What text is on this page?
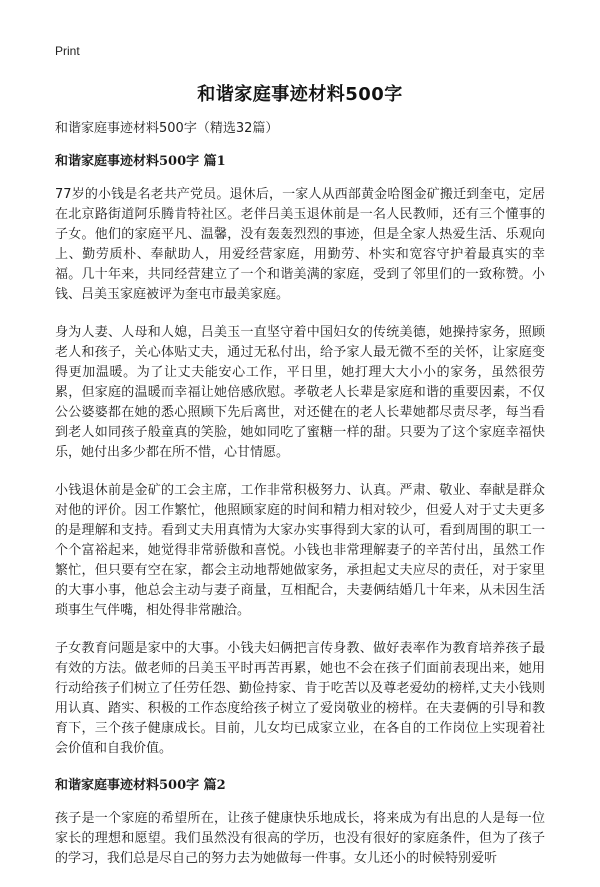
Print
和谐家庭事迹材料500字

和谐家庭事迹材料500字（精选32篇）

和谐家庭事迹材料500字 篇1

77岁的小钱是名老共产党员。退休后，一家人从西部黄金哈图金矿搬迁到奎屯，定居在北京路街道阿乐腾肯特社区。老伴吕美玉退休前是一名人民教师，还有三个懂事的子女。他们的家庭平凡、温馨，没有轰轰烈烈的事迹，但是全家人热爱生活、乐观向上、勤劳质朴、奉献助人，用爱经营家庭，用勤劳、朴实和宽容守护着最真实的幸福。几十年来，共同经营建立了一个和谐美满的家庭，受到了邻里们的一致称赞。小钱、吕美玉家庭被评为奎屯市最美家庭。

身为人妻、人母和人媳，吕美玉一直坚守着中国妇女的传统美德，她操持家务，照顾老人和孩子，关心体贴丈夫，通过无私付出，给予家人最无微不至的关怀，让家庭变得更加温暖。为了让丈夫能安心工作，平日里，她打理大大小小的家务，虽然很劳累，但家庭的温暖而幸福让她倍感欣慰。孝敬老人长辈是家庭和谐的重要因素，不仅公公婆婆都在她的悉心照顾下先后离世，对还健在的老人长辈她都尽责尽孝，每当看到老人如同孩子般童真的笑脸，她如同吃了蜜糖一样的甜。只要为了这个家庭幸福快乐，她付出多少都在所不惜，心甘情愿。

小钱退休前是金矿的工会主席，工作非常积极努力、认真。严肃、敬业、奉献是群众对他的评价。因工作繁忙，他照顾家庭的时间和精力相对较少，但爱人对于丈夫更多的是理解和支持。看到丈夫用真情为大家办实事得到大家的认可，看到周围的职工一个个富裕起来，她觉得非常骄傲和喜悦。小钱也非常理解妻子的辛苦付出，虽然工作繁忙，但只要有空在家，都会主动地帮她做家务，承担起丈夫应尽的责任，对于家里的大事小事，他总会主动与妻子商量，互相配合，夫妻俩结婚几十年来，从未因生活琐事生气伴嘴，相处得非常融洽。

子女教育问题是家中的大事。小钱夫妇俩把言传身教、做好表率作为教育培养孩子最有效的方法。做老师的吕美玉平时再苦再累，她也不会在孩子们面前表现出来，她用行动给孩子们树立了任劳任怨、勤俭持家、肯于吃苦以及尊老爱幼的榜样,丈夫小钱则用认真、踏实、积极的工作态度给孩子树立了爱岗敬业的榜样。在夫妻俩的引导和教育下，三个孩子健康成长。目前，儿女均已成家立业，在各自的工作岗位上实现着社会价值和自我价值。

和谐家庭事迹材料500字 篇2

孩子是一个家庭的希望所在，让孩子健康快乐地成长，将来成为有出息的人是每一位家长的理想和愿望。我们虽然没有很高的学历，也没有很好的家庭条件，但为了孩子的学习，我们总是尽自己的努力去为她做每一件事。女儿还小的时候特别爱听
